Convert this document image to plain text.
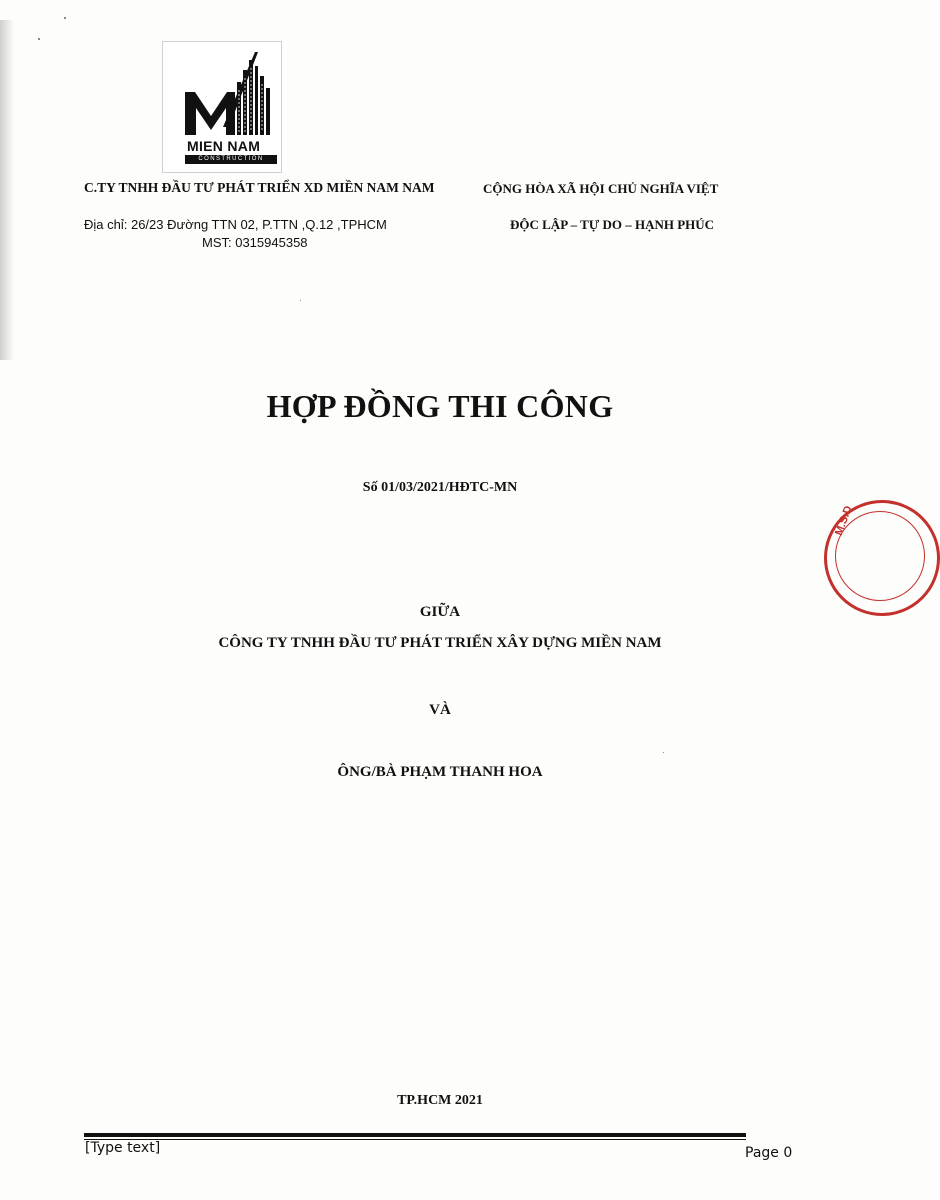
MIEN NAM
CONSTRUCTION
C.TY TNHH ĐẦU TƯ PHÁT TRIỂN XD MIỀN NAM NAM
Địa chỉ: 26/23 Đường TTN 02, P.TTN ,Q.12 ,TPHCM
MST: 0315945358
CỘNG HÒA XÃ HỘI CHỦ NGHĨA VIỆT
ĐỘC LẬP – TỰ DO – HẠNH PHÚC
HỢP ĐỒNG THI CÔNG
Số 01/03/2021/HĐTC-MN
GIỮA
CÔNG TY TNHH ĐẦU TƯ PHÁT TRIỂN XÂY DỰNG MIỀN NAM
VÀ
ÔNG/BÀ PHẠM THANH HOA
TP.HCM 2021
M.S.D
[Type text]	Page 0
